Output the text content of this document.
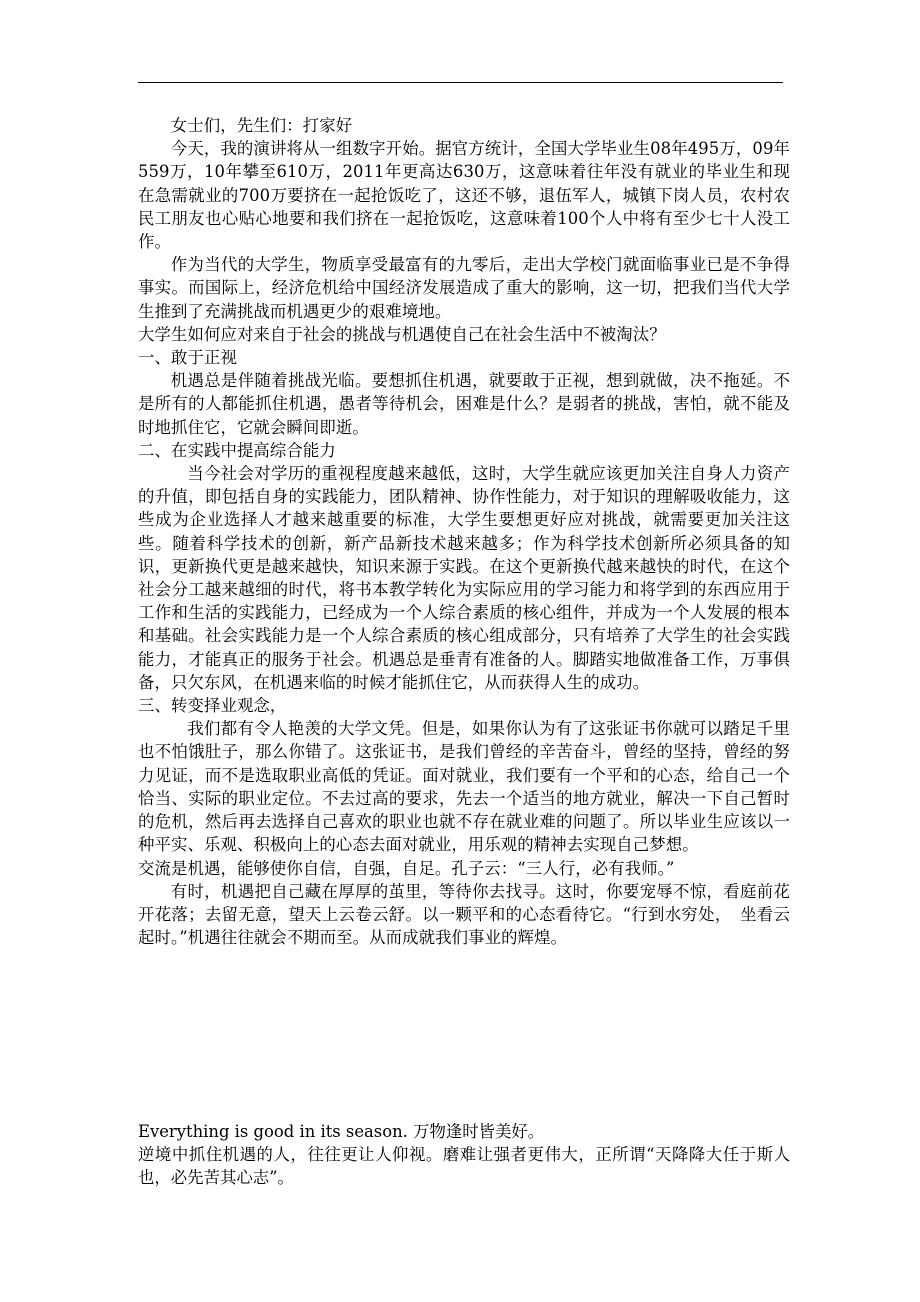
女士们，先生们：打家好

今天，我的演讲将从一组数字开始。据官方统计，全国大学毕业生08年495万，09年559万，10年攀至610万，2011年更高达630万，这意味着往年没有就业的毕业生和现在急需就业的700万要挤在一起抢饭吃了，这还不够，退伍军人，城镇下岗人员，农村农民工朋友也心贴心地要和我们挤在一起抢饭吃，这意味着100个人中将有至少七十人没工作。

作为当代的大学生，物质享受最富有的九零后，走出大学校门就面临事业已是不争得事实。而国际上，经济危机给中国经济发展造成了重大的影响，这一切，把我们当代大学生推到了充满挑战而机遇更少的艰难境地。

大学生如何应对来自于社会的挑战与机遇使自己在社会生活中不被淘汰？

一、敢于正视

机遇总是伴随着挑战光临。要想抓住机遇，就要敢于正视，想到就做，决不拖延。不是所有的人都能抓住机遇，愚者等待机会，困难是什么？是弱者的挑战，害怕，就不能及时地抓住它，它就会瞬间即逝。

二、在实践中提高综合能力

当今社会对学历的重视程度越来越低，这时，大学生就应该更加关注自身人力资产的升值，即包括自身的实践能力，团队精神、协作性能力，对于知识的理解吸收能力，这些成为企业选择人才越来越重要的标准，大学生要想更好应对挑战，就需要更加关注这些。随着科学技术的创新，新产品新技术越来越多；作为科学技术创新所必须具备的知识，更新换代更是越来越快，知识来源于实践。在这个更新换代越来越快的时代，在这个社会分工越来越细的时代，将书本教学转化为实际应用的学习能力和将学到的东西应用于工作和生活的实践能力，已经成为一个人综合素质的核心组件，并成为一个人发展的根本和基础。社会实践能力是一个人综合素质的核心组成部分，只有培养了大学生的社会实践能力，才能真正的服务于社会。机遇总是垂青有准备的人。脚踏实地做准备工作，万事俱备，只欠东风，在机遇来临的时候才能抓住它，从而获得人生的成功。

三、转变择业观念，

我们都有令人艳羡的大学文凭。但是，如果你认为有了这张证书你就可以踏足千里也不怕饿肚子，那么你错了。这张证书，是我们曾经的辛苦奋斗，曾经的坚持，曾经的努力见证，而不是选取职业高低的凭证。面对就业，我们要有一个平和的心态，给自己一个恰当、实际的职业定位。不去过高的要求，先去一个适当的地方就业，解决一下自己暂时的危机，然后再去选择自己喜欢的职业也就不存在就业难的问题了。所以毕业生应该以一种平实、乐观、积极向上的心态去面对就业，用乐观的精神去实现自己梦想。

交流是机遇，能够使你自信，自强，自足。孔子云：“三人行，必有我师。”

有时，机遇把自己藏在厚厚的茧里，等待你去找寻。这时，你要宠辱不惊，看庭前花开花落；去留无意，望天上云卷云舒。以一颗平和的心态看待它。“行到水穷处，　坐看云起时。”机遇往往就会不期而至。从而成就我们事业的辉煌。

Everything is good in its season. 万物逢时皆美好。

逆境中抓住机遇的人，往往更让人仰视。磨难让强者更伟大，正所谓“天降降大任于斯人也，必先苦其心志”。
